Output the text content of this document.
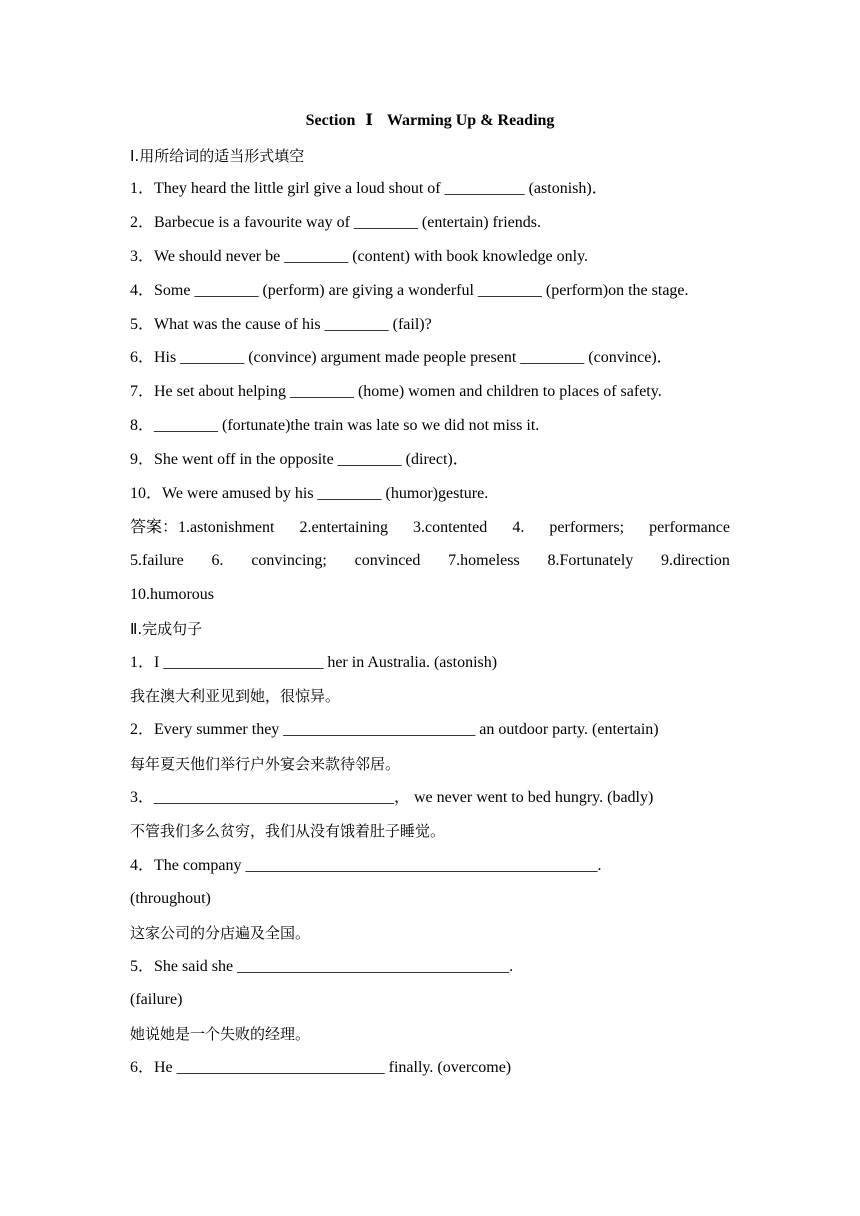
Section Ⅰ Warming Up & Reading
Ⅰ.用所给词的适当形式填空
1．They heard the little girl give a loud shout of __________ (astonish)．
2．Barbecue is a favourite way of ________ (entertain) friends.
3．We should never be ________ (content) with book knowledge only.
4．Some ________ (perform) are giving a wonderful ________ (perform)on the stage.
5．What was the cause of his ________ (fail)?
6．His ________ (convince) argument made people present ________ (convince)．
7．He set about helping ________ (home) women and children to places of safety.
8．________ (fortunate)the train was late so we did not miss it.
9．She went off in the opposite ________ (direct)．
10．We were amused by his ________ (humor)gesture.
答案：1.astonishment 2.entertaining 3.contented 4. performers; performance
5.failure 6. convincing; convinced 7.homeless 8.Fortunately 9.direction
10.humorous
Ⅱ.完成句子
1．I ____________________ her in Australia. (astonish)
我在澳大利亚见到她，很惊异。
2．Every summer they ________________________ an outdoor party. (entertain)
每年夏天他们举行户外宴会来款待邻居。
3．______________________________， we never went to bed hungry. (badly)
不管我们多么贫穷，我们从没有饿着肚子睡觉。
4．The company ____________________________________________.
(throughout)
这家公司的分店遍及全国。
5．She said she __________________________________.
(failure)
她说她是一个失败的经理。
6．He __________________________ finally. (overcome)
